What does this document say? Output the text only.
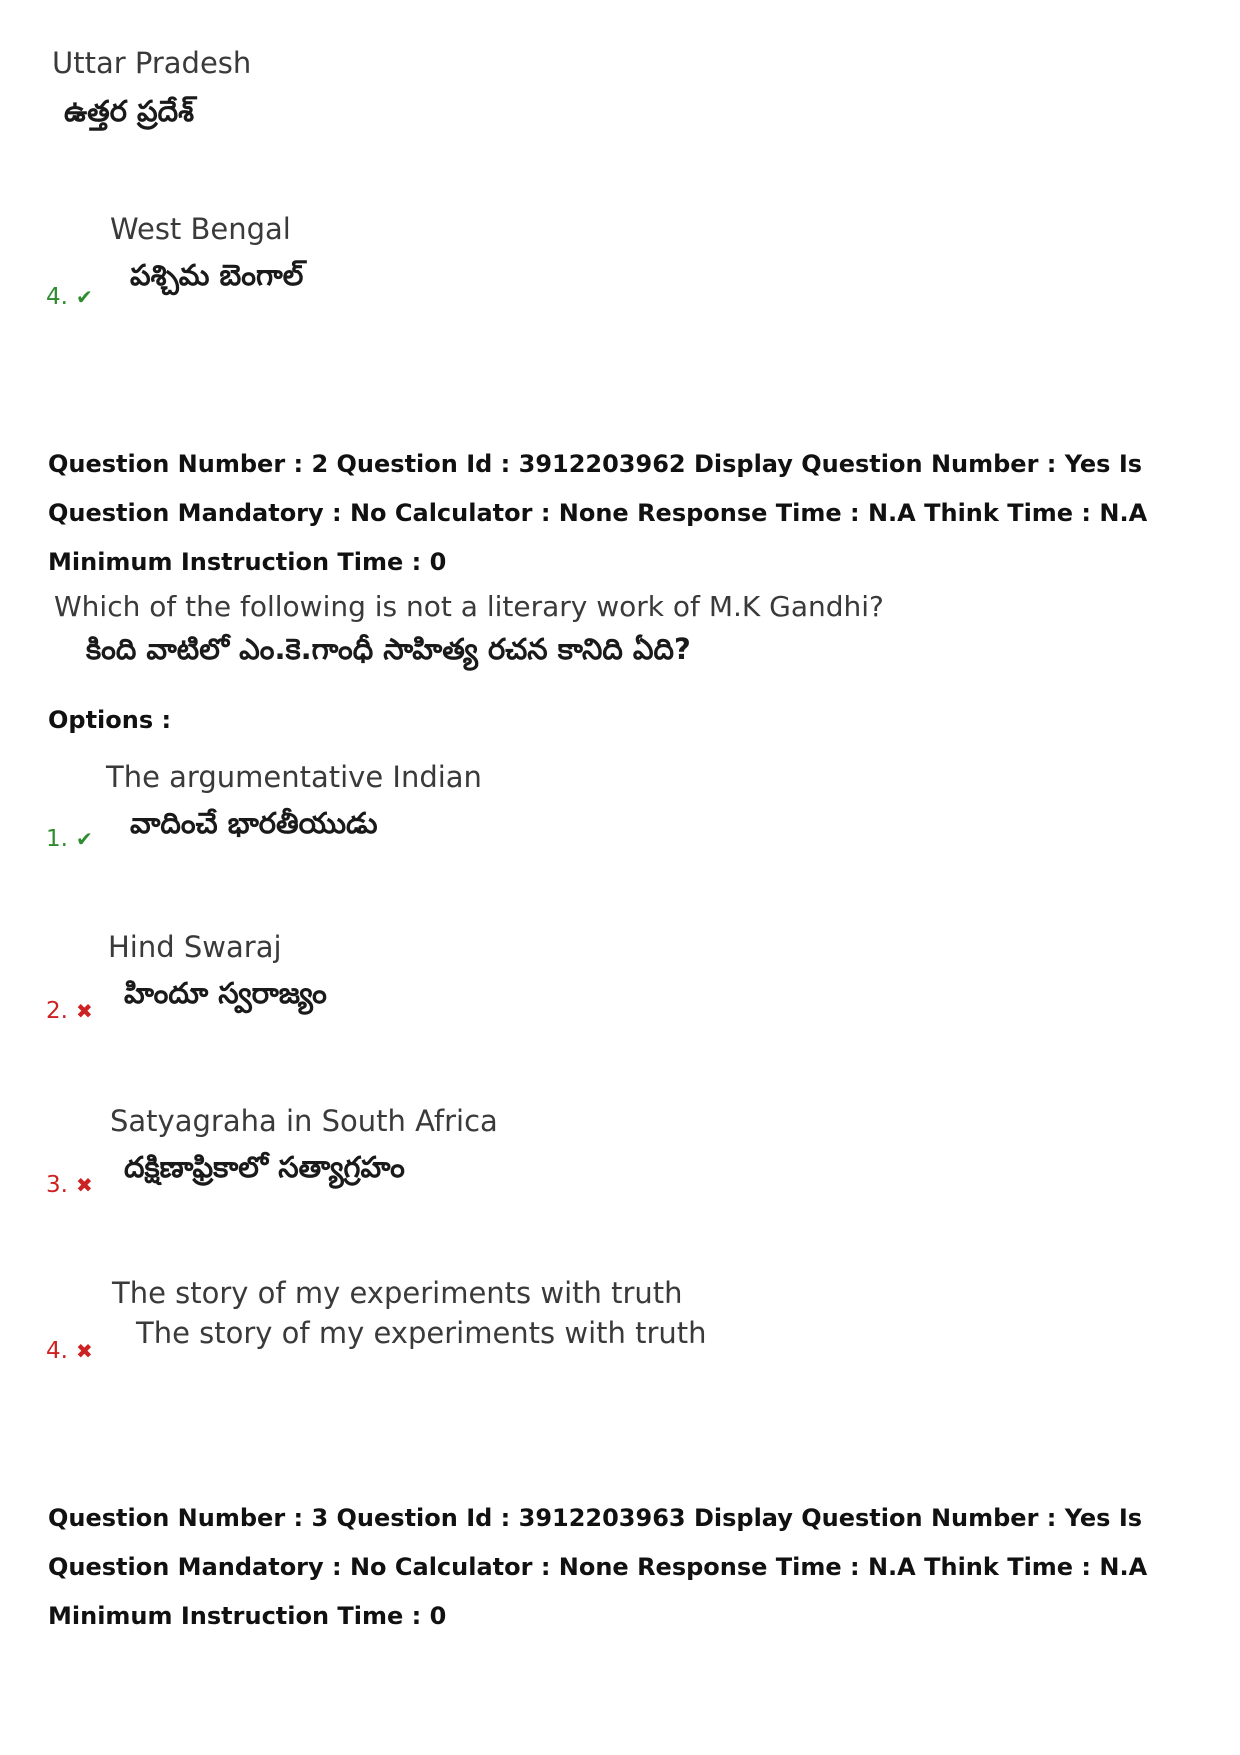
Uttar Pradesh
ఉత్తర ప్రదేశ్
West Bengal
పశ్చిమ బెంగాల్
4. ✔
Question Number : 2 Question Id : 3912203962 Display Question Number : Yes Is Question Mandatory : No Calculator : None Response Time : N.A Think Time : N.A Minimum Instruction Time : 0
Which of the following is not a literary work of M.K Gandhi?
కింది వాటిలో ఎం.కె.గాంధీ సాహిత్య రచన కానిది ఏది?
Options :
The argumentative Indian
వాదించే భారతీయుడు
1. ✔
Hind Swaraj
హిందూ స్వరాజ్యం
2. ✖
Satyagraha in South Africa
దక్షిణాఫ్రికాలో సత్యాగ్రహం
3. ✖
The story of my experiments with truth
The story of my experiments with truth
4. ✖
Question Number : 3 Question Id : 3912203963 Display Question Number : Yes Is Question Mandatory : No Calculator : None Response Time : N.A Think Time : N.A Minimum Instruction Time : 0
